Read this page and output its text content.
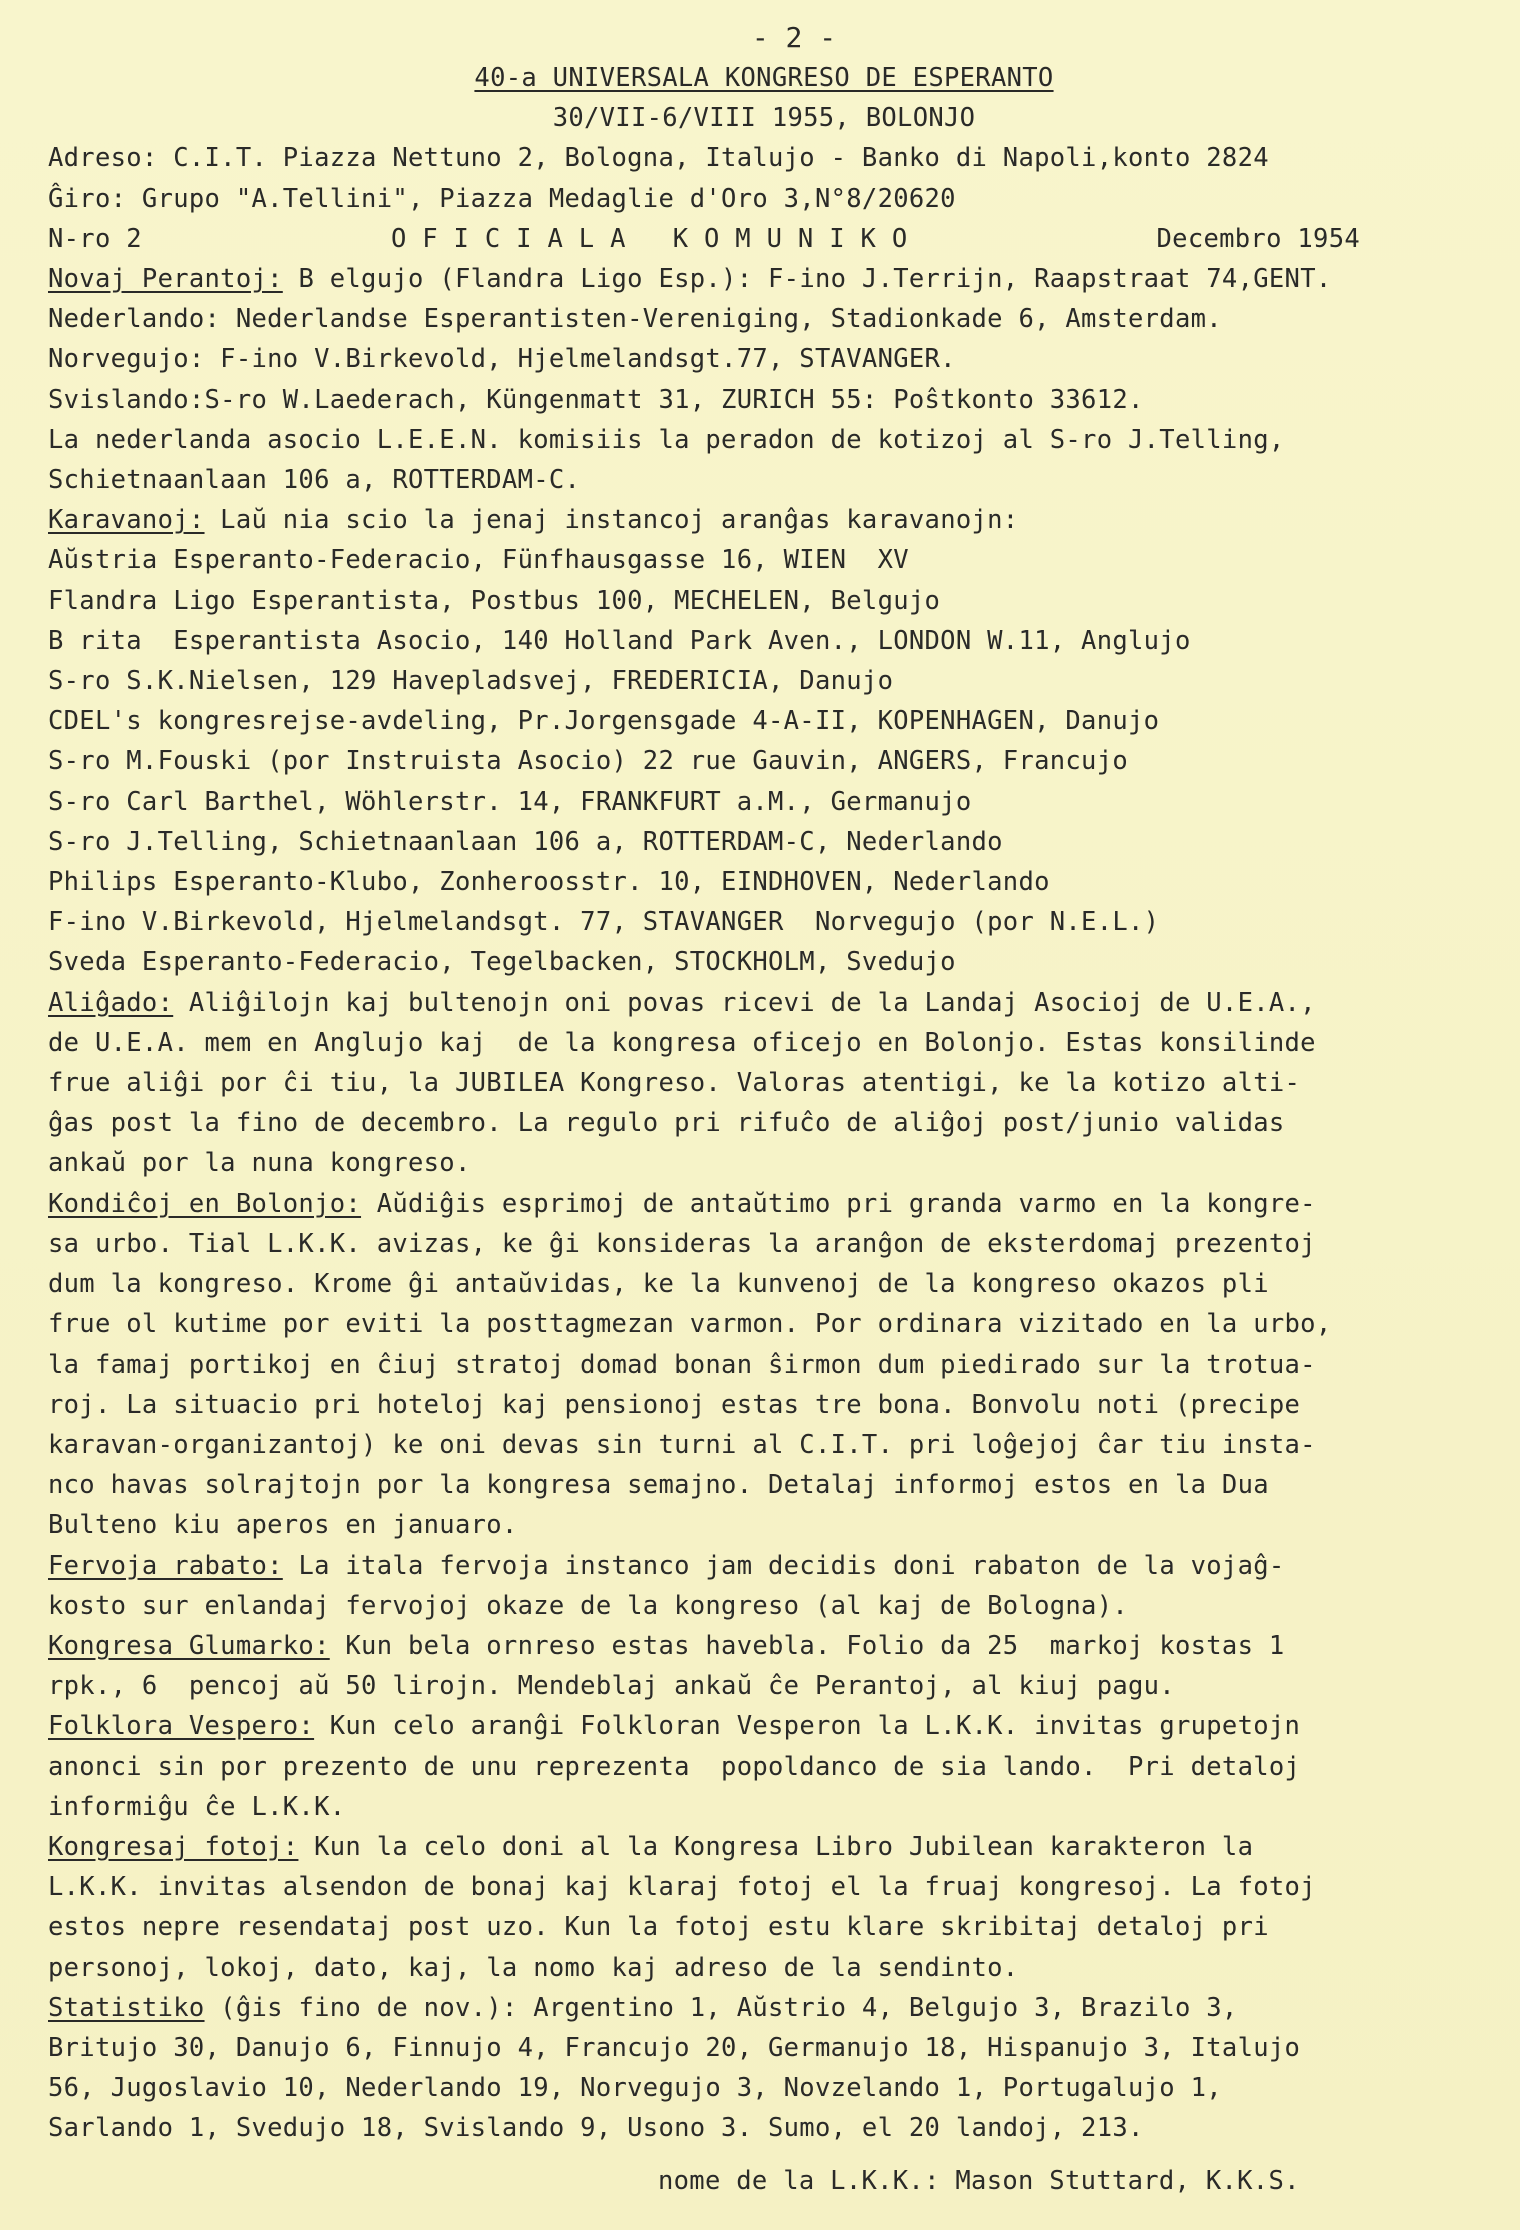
- 2 -
40-a UNIVERSALA KONGRESO DE ESPERANTO
30/VII-6/VIII 1955, BOLONJO
Adreso: C.I.T. Piazza Nettuno 2, Bologna, Italujo - Banko di Napoli,konto 2824
Ĝiro: Grupo "A.Tellini", Piazza Medaglie d'Oro 3,N°8/20620
N-ro 2	O F I C I A L A   K O M U N I K O	Decembro 1954
Novaj Perantoj: B elgujo (Flandra Ligo Esp.): F-ino J.Terrijn, Raapstraat 74,GENT.
Nederlando: Nederlandse Esperantisten-Vereniging, Stadionkade 6, Amsterdam.
Norvegujo: F-ino V.Birkevold, Hjelmelandsgt.77, STAVANGER.
Svislando:S-ro W.Laederach, Küngenmatt 31, ZURICH 55: Poŝtkonto 33612.
La nederlanda asocio L.E.E.N. komisiis la peradon de kotizoj al S-ro J.Telling,
Schietnaanlaan 106 a, ROTTERDAM-C.
Karavanoj: Laŭ nia scio la jenaj instancoj aranĝas karavanojn:
Aŭstria Esperanto-Federacio, Fünfhausgasse 16, WIEN  XV
Flandra Ligo Esperantista, Postbus 100, MECHELEN, Belgujo
B rita  Esperantista Asocio, 140 Holland Park Aven., LONDON W.11, Anglujo
S-ro S.K.Nielsen, 129 Havepladsvej, FREDERICIA, Danujo
CDEL's kongresrejse-avdeling, Pr.Jorgensgade 4-A-II, KOPENHAGEN, Danujo
S-ro M.Fouski (por Instruista Asocio) 22 rue Gauvin, ANGERS, Francujo
S-ro Carl Barthel, Wöhlerstr. 14, FRANKFURT a.M., Germanujo
S-ro J.Telling, Schietnaanlaan 106 a, ROTTERDAM-C, Nederlando
Philips Esperanto-Klubo, Zonheroosstr. 10, EINDHOVEN, Nederlando
F-ino V.Birkevold, Hjelmelandsgt. 77, STAVANGER  Norvegujo (por N.E.L.)
Sveda Esperanto-Federacio, Tegelbacken, STOCKHOLM, Svedujo
Aliĝado: Aliĝilojn kaj bultenojn oni povas ricevi de la Landaj Asocioj de U.E.A.,
de U.E.A. mem en Anglujo kaj  de la kongresa oficejo en Bolonjo. Estas konsilinde
frue aliĝi por ĉi tiu, la JUBILEA Kongreso. Valoras atentigi, ke la kotizo alti-
ĝas post la fino de decembro. La regulo pri rifuĉo de aliĝoj post/junio validas
ankaŭ por la nuna kongreso.
Kondiĉoj en Bolonjo: Aŭdiĝis esprimoj de antaŭtimo pri granda varmo en la kongre-
sa urbo. Tial L.K.K. avizas, ke ĝi konsideras la aranĝon de eksterdomaj prezentoj
dum la kongreso. Krome ĝi antaŭvidas, ke la kunvenoj de la kongreso okazos pli
frue ol kutime por eviti la posttagmezan varmon. Por ordinara vizitado en la urbo,
la famaj portikoj en ĉiuj stratoj domad bonan ŝirmon dum piedirado sur la trotua-
roj. La situacio pri hoteloj kaj pensionoj estas tre bona. Bonvolu noti (precipe
karavan-organizantoj) ke oni devas sin turni al C.I.T. pri loĝejoj ĉar tiu insta-
nco havas solrajtojn por la kongresa semajno. Detalaj informoj estos en la Dua
Bulteno kiu aperos en januaro.
Fervoja rabato: La itala fervoja instanco jam decidis doni rabaton de la vojaĝ-
kosto sur enlandaj fervojoj okaze de la kongreso (al kaj de Bologna).
Kongresa Glumarko: Kun bela ornreso estas havebla. Folio da 25  markoj kostas 1
rpk., 6  pencoj aŭ 50 lirojn. Mendeblaj ankaŭ ĉe Perantoj, al kiuj pagu.
Folklora Vespero: Kun celo aranĝi Folkloran Vesperon la L.K.K. invitas grupetojn
anonci sin por prezento de unu reprezenta  popoldanco de sia lando.  Pri detaloj
informiĝu ĉe L.K.K.
Kongresaj fotoj: Kun la celo doni al la Kongresa Libro Jubilean karakteron la
L.K.K. invitas alsendon de bonaj kaj klaraj fotoj el la fruaj kongresoj. La fotoj
estos nepre resendataj post uzo. Kun la fotoj estu klare skribitaj detaloj pri
personoj, lokoj, dato, kaj, la nomo kaj adreso de la sendinto.
Statistiko (ĝis fino de nov.): Argentino 1, Aŭstrio 4, Belgujo 3, Brazilo 3,
Britujo 30, Danujo 6, Finnujo 4, Francujo 20, Germanujo 18, Hispanujo 3, Italujo
56, Jugoslavio 10, Nederlando 19, Norvegujo 3, Novzelando 1, Portugalujo 1,
Sarlando 1, Svedujo 18, Svislando 9, Usono 3. Sumo, el 20 landoj, 213.
nome de la L.K.K.: Mason Stuttard, K.K.S.
